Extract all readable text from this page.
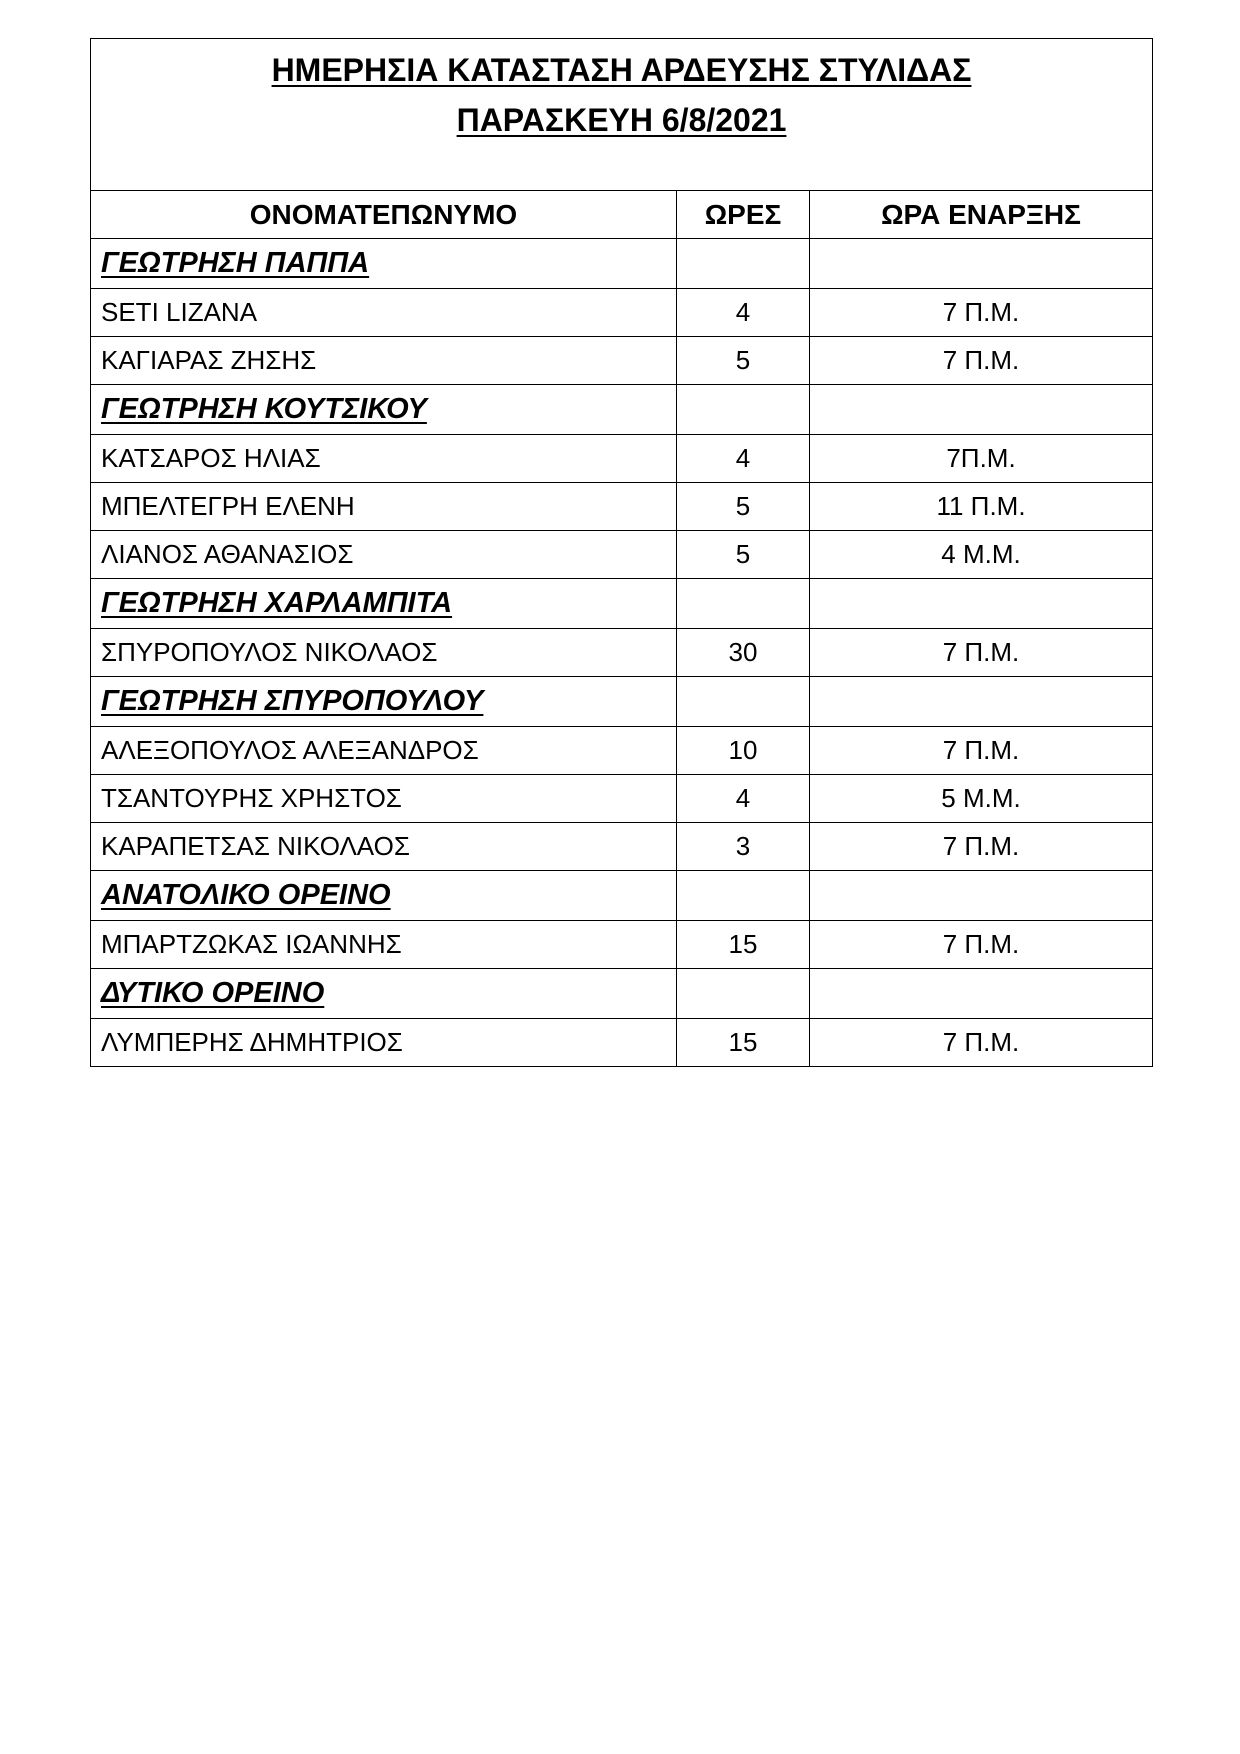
ΗΜΕΡΗΣΙΑ ΚΑΤΑΣΤΑΣΗ ΑΡΔΕΥΣΗΣ ΣΤΥΛΙΔΑΣ
ΠΑΡΑΣΚΕΥΗ 6/8/2021		
ΟΝΟΜΑΤΕΠΩΝΥΜΟ	ΩΡΕΣ	ΩΡΑ ΕΝΑΡΞΗΣ
ΓΕΩΤΡΗΣΗ ΠΑΠΠΑ		
SETI LIZANA	4	7 Π.Μ.
ΚΑΓΙΑΡΑΣ ΖΗΣΗΣ	5	7 Π.Μ.
ΓΕΩΤΡΗΣΗ ΚΟΥΤΣΙΚΟΥ		
ΚΑΤΣΑΡΟΣ ΗΛΙΑΣ	4	7Π.Μ.
ΜΠΕΛΤΕΓΡΗ ΕΛΕΝΗ	5	11 Π.Μ.
ΛΙΑΝΟΣ ΑΘΑΝΑΣΙΟΣ	5	4 Μ.Μ.
ΓΕΩΤΡΗΣΗ ΧΑΡΛΑΜΠΙΤΑ		
ΣΠΥΡΟΠΟΥΛΟΣ ΝΙΚΟΛΑΟΣ	30	7 Π.Μ.
ΓΕΩΤΡΗΣΗ ΣΠΥΡΟΠΟΥΛΟΥ		
ΑΛΕΞΟΠΟΥΛΟΣ ΑΛΕΞΑΝΔΡΟΣ	10	7 Π.Μ.
ΤΣΑΝΤΟΥΡΗΣ ΧΡΗΣΤΟΣ	4	5 Μ.Μ.
ΚΑΡΑΠΕΤΣΑΣ ΝΙΚΟΛΑΟΣ	3	7 Π.Μ.
ΑΝΑΤΟΛΙΚΟ ΟΡΕΙΝΟ		
ΜΠΑΡΤΖΩΚΑΣ ΙΩΑΝΝΗΣ	15	7 Π.Μ.
ΔΥΤΙΚΟ ΟΡΕΙΝΟ		
ΛΥΜΠΕΡΗΣ ΔΗΜΗΤΡΙΟΣ	15	7 Π.Μ.
